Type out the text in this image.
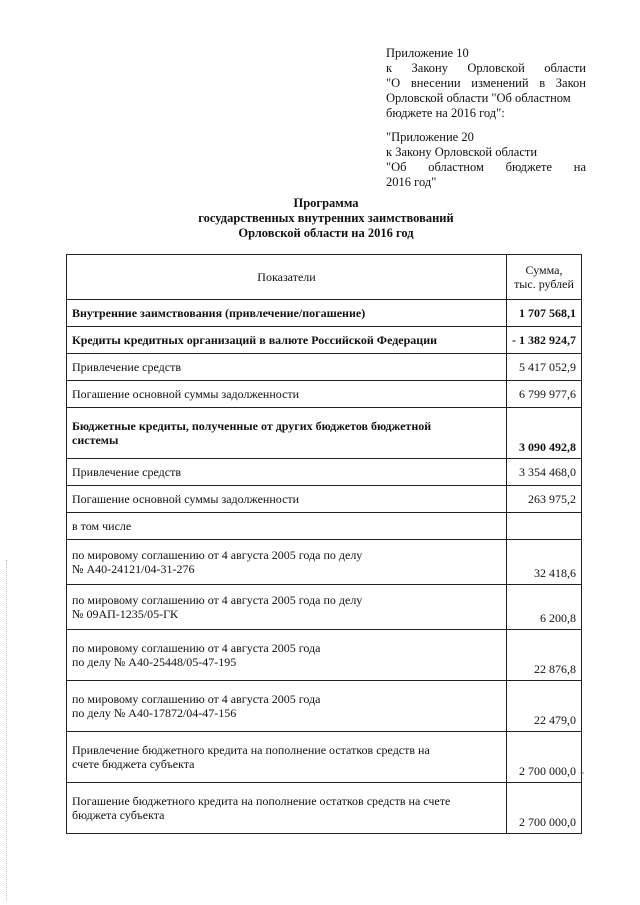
Приложение 10
к Закону Орловской области
"О внесении изменений в Закон
Орловской области "Об областном
бюджете на 2016 год":
"Приложение 20
к Закону Орловской области
"Об областном бюджете на
2016 год"
Программа
государственных внутренних заимствований
Орловской области на 2016 год
Показатели	Сумма,
тыс. рублей
Внутренние заимствования (привлечение/погашение)	1 707 568,1
Кредиты кредитных организаций в валюте Российской Федерации	- 1 382 924,7
Привлечение средств	5 417 052,9
Погашение основной суммы задолженности	6 799 977,6
Бюджетные кредиты, полученные от других бюджетов бюджетной
системы	3 090 492,8
Привлечение средств	3 354 468,0
Погашение основной суммы задолженности	263 975,2
в том числе	
по мировому соглашению от 4 августа 2005 года по делу
№ А40-24121/04-31-276	32 418,6
по мировому соглашению от 4 августа 2005 года по делу
№ 09АП-1235/05-ГК	6 200,8
по мировому соглашению от 4 августа 2005 года
по делу № А40-25448/05-47-195	22 876,8
по мировому соглашению от 4 августа 2005 года
по делу № А40-17872/04-47-156	22 479,0
Привлечение бюджетного кредита на пополнение остатков средств на
счете бюджета субъекта	2 700 000,0
Погашение бюджетного кредита на пополнение остатков средств на счете
бюджета субъекта	2 700 000,0
"
